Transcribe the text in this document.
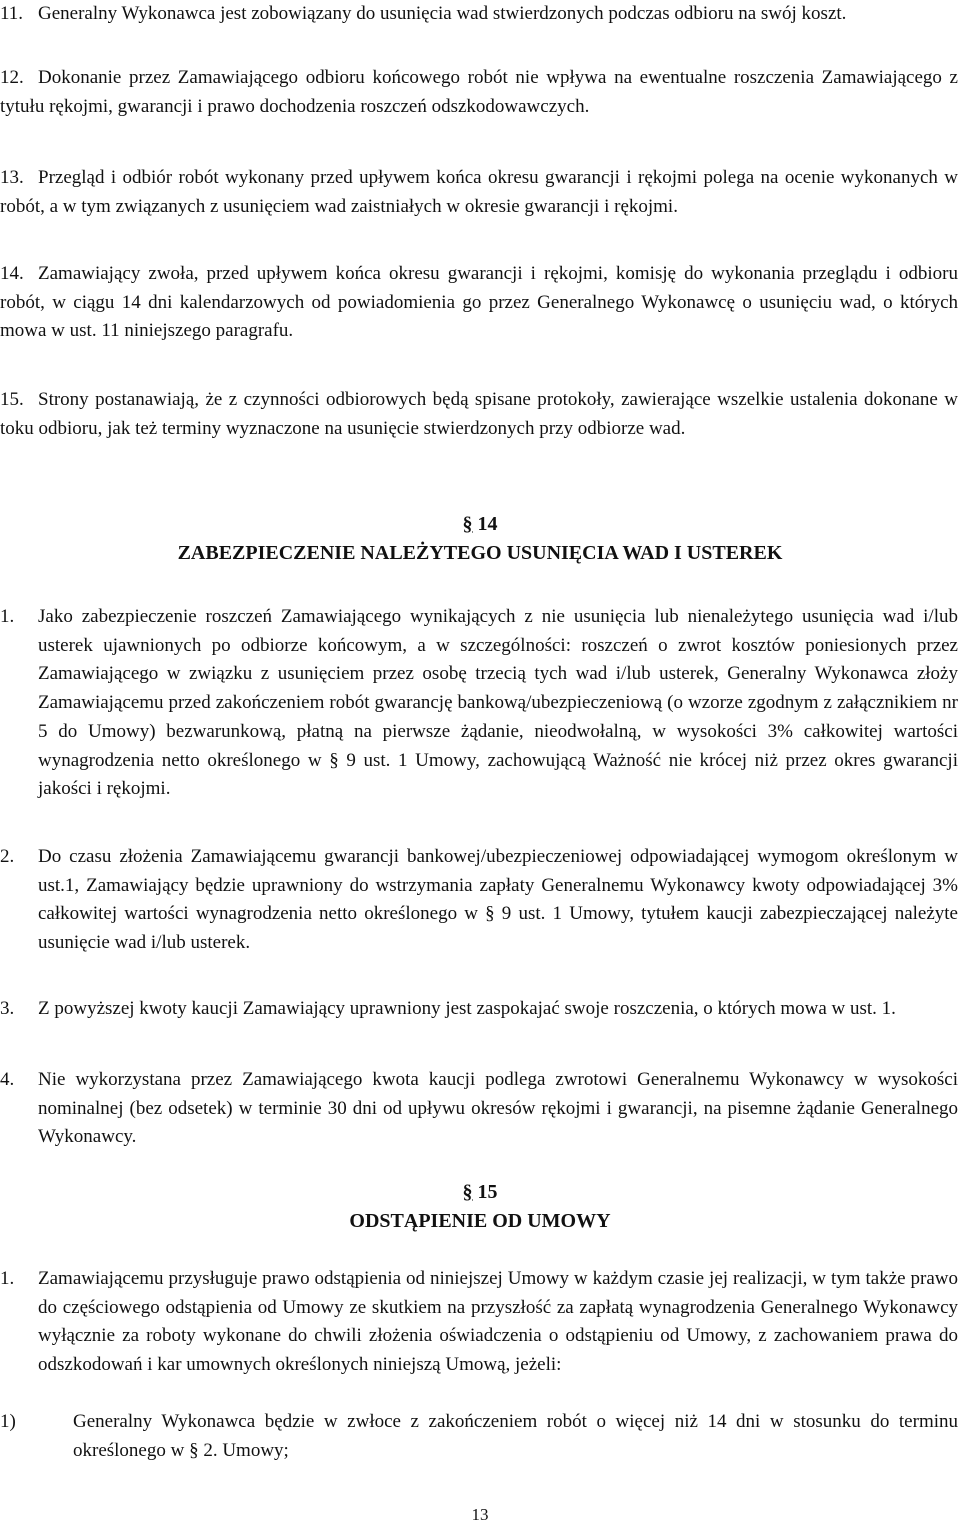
11. Generalny Wykonawca jest zobowiązany do usunięcia wad stwierdzonych podczas odbioru na swój koszt.
12. Dokonanie przez Zamawiającego odbioru końcowego robót nie wpływa na ewentualne roszczenia Zamawiającego z tytułu rękojmi, gwarancji i prawo dochodzenia roszczeń odszkodowawczych.
13. Przegląd i odbiór robót wykonany przed upływem końca okresu gwarancji i rękojmi polega na ocenie wykonanych w robót, a w tym związanych z usunięciem wad zaistniałych w okresie gwarancji i rękojmi.
14. Zamawiający zwoła, przed upływem końca okresu gwarancji i rękojmi, komisję do wykonania przeglądu i odbioru robót, w ciągu 14 dni kalendarzowych od powiadomienia go przez Generalnego Wykonawcę o usunięciu wad, o których mowa w ust. 11 niniejszego paragrafu.
15. Strony postanawiają, że z czynności odbiorowych będą spisane protokoły, zawierające wszelkie ustalenia dokonane w toku odbioru, jak też terminy wyznaczone na usunięcie stwierdzonych przy odbiorze wad.
§ 14
ZABEZPIECZENIE NALEŻYTEGO USUNIĘCIA WAD I USTEREK
1. Jako zabezpieczenie roszczeń Zamawiającego wynikających z nie usunięcia lub nienależytego usunięcia wad i/lub usterek ujawnionych po odbiorze końcowym, a w szczególności: roszczeń o zwrot kosztów poniesionych przez Zamawiającego w związku z usunięciem przez osobę trzecią tych wad i/lub usterek, Generalny Wykonawca złoży Zamawiającemu przed zakończeniem robót gwarancję bankową/ubezpieczeniową (o wzorze zgodnym z załącznikiem nr 5 do Umowy) bezwarunkową, płatną na pierwsze żądanie, nieodwołalną, w wysokości 3% całkowitej wartości wynagrodzenia netto określonego w § 9 ust. 1 Umowy, zachowującą Ważność nie krócej niż przez okres gwarancji jakości i rękojmi.
2. Do czasu złożenia Zamawiającemu gwarancji bankowej/ubezpieczeniowej odpowiadającej wymogom określonym w ust.1, Zamawiający będzie uprawniony do wstrzymania zapłaty Generalnemu Wykonawcy kwoty odpowiadającej 3% całkowitej wartości wynagrodzenia netto określonego w § 9 ust. 1 Umowy, tytułem kaucji zabezpieczającej należyte usunięcie wad i/lub usterek.
3. Z powyższej kwoty kaucji Zamawiający uprawniony jest zaspokajać swoje roszczenia, o których mowa w ust. 1.
4. Nie wykorzystana przez Zamawiającego kwota kaucji podlega zwrotowi Generalnemu Wykonawcy w wysokości nominalnej (bez odsetek) w terminie 30 dni od upływu okresów rękojmi i gwarancji, na pisemne żądanie Generalnego Wykonawcy.
§ 15
ODSTĄPIENIE OD UMOWY
1. Zamawiającemu przysługuje prawo odstąpienia od niniejszej Umowy w każdym czasie jej realizacji, w tym także prawo do częściowego odstąpienia od Umowy ze skutkiem na przyszłość za zapłatą wynagrodzenia Generalnego Wykonawcy wyłącznie za roboty wykonane do chwili złożenia oświadczenia o odstąpieniu od Umowy, z zachowaniem prawa do odszkodowań i kar umownych określonych niniejszą Umową, jeżeli:
1)	Generalny Wykonawca będzie w zwłoce z zakończeniem robót o więcej niż 14 dni w stosunku do terminu określonego w § 2. Umowy;
13
